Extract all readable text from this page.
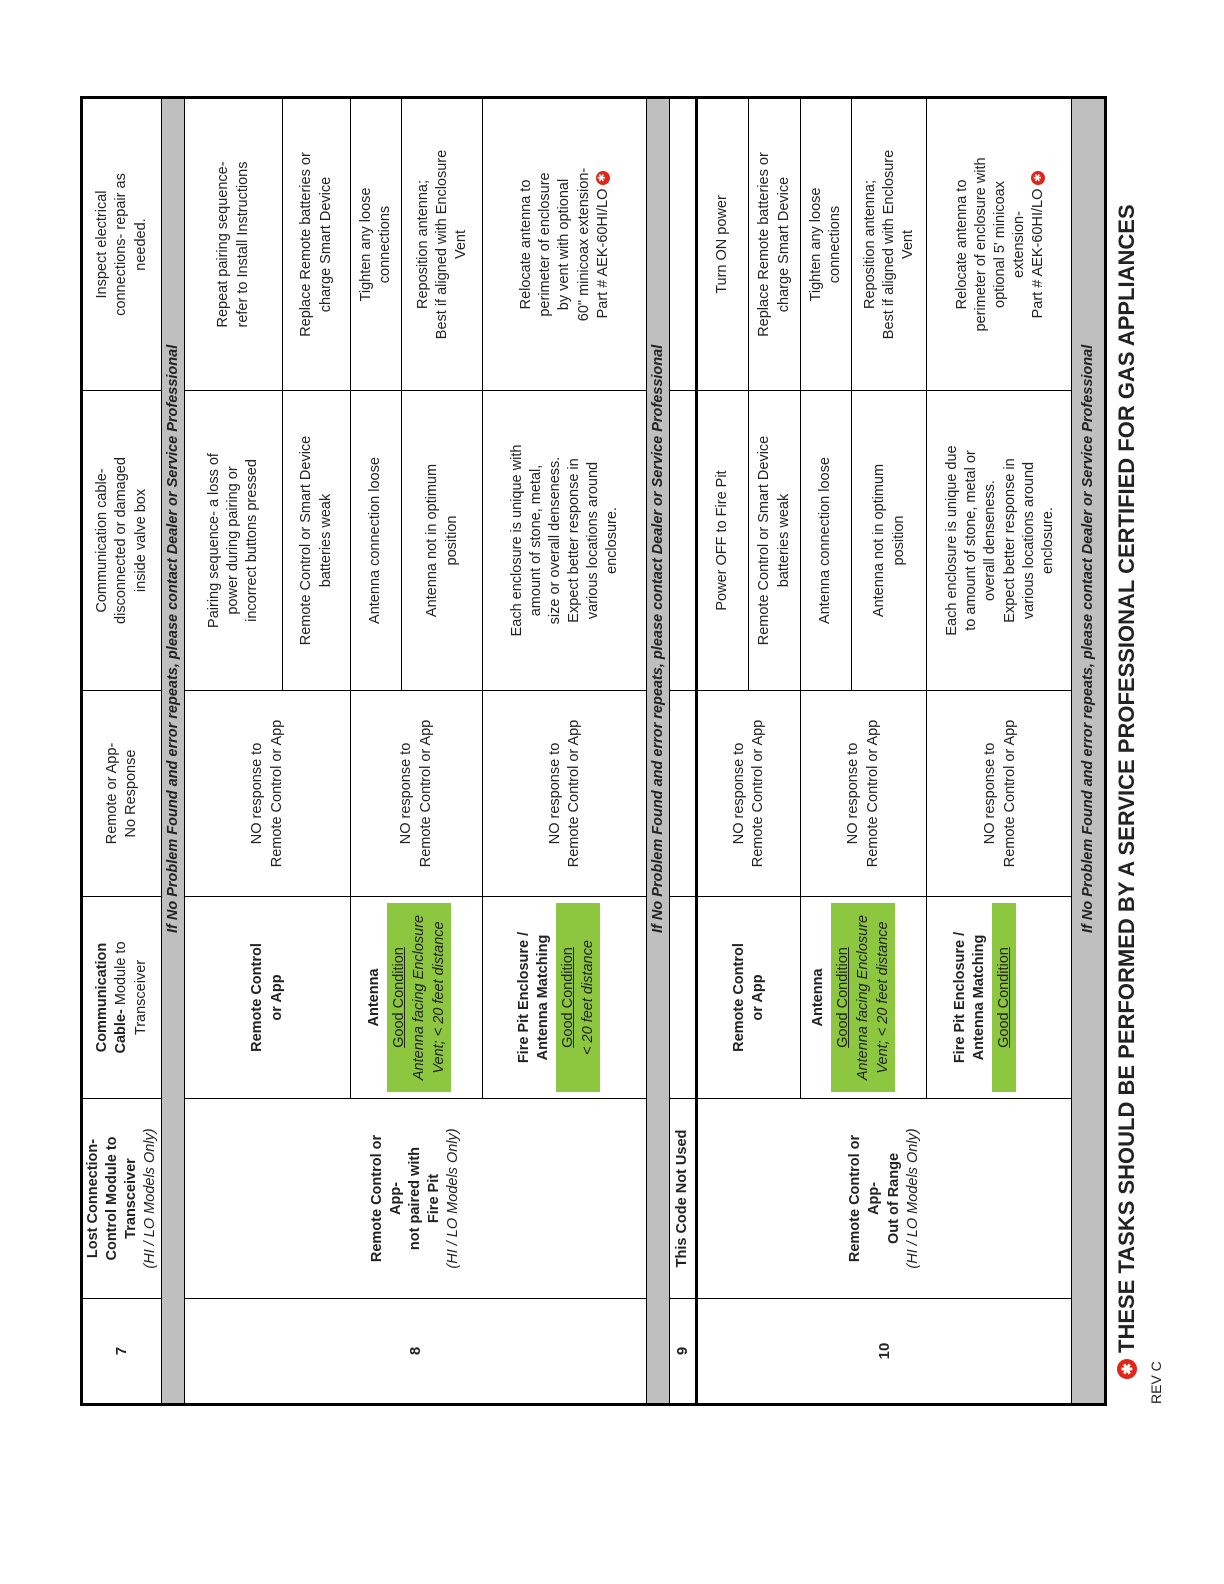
7
Lost Connection- Control Module to Transceiver (HI / LO Models Only)
Communication Cable- Module to Transceiver
Remote or App- No Response
Communication cable- disconnected or damaged inside valve box
Inspect electrical connections- repair as needed.
If No Problem Found and error repeats, please contact Dealer or Service Professional
8
Remote Control or App- not paired with Fire Pit (HI / LO Models Only)
Remote Control or App
NO response to Remote Control or App
Pairing sequence- a loss of power during pairing or incorrect buttons pressed
Repeat pairing sequence- refer to Install Instructions
Remote Control or Smart Device batteries weak
Replace Remote batteries or charge Smart Device
Antenna Good Condition Antenna facing Enclosure Vent; < 20 feet distance
NO response to Remote Control or App
Antenna connection loose
Tighten any loose connections
Antenna not in optimum position
Reposition antenna; Best if aligned with Enclosure Vent
Fire Pit Enclosure / Antenna Matching Good Condition < 20 feet distance
NO response to Remote Control or App
Each enclosure is unique with amount of stone, metal, size or overall denseness. Expect better response in various locations around enclosure.
Relocate antenna to perimeter of enclosure by vent with optional 60" minicoax extension- Part # AEK-60HI/LO✱
If No Problem Found and error repeats, please contact Dealer or Service Professional
9
This Code Not Used
10
Remote Control or App- Out of Range (HI / LO Models Only)
Remote Control or App
NO response to Remote Control or App
Power OFF to Fire Pit
Turn ON power
Remote Control or Smart Device batteries weak
Replace Remote batteries or charge Smart Device
Antenna Good Condition Antenna facing Enclosure Vent; < 20 feet distance
NO response to Remote Control or App
Antenna connection loose
Tighten any loose connections
Antenna not in optimum position
Reposition antenna; Best if aligned with Enclosure Vent
Fire Pit Enclosure / Antenna Matching Good Condition
NO response to Remote Control or App
Each enclosure is unique due to amount of stone, metal or overall denseness. Expect better response in various locations around enclosure.
Relocate antenna to perimeter of enclosure with optional 5' minicoax extension- Part # AEK-60HI/LO✱
If No Problem Found and error repeats, please contact Dealer or Service Professional
✱
THESE TASKS SHOULD BE PERFORMED BY A SERVICE PROFESSIONAL CERTIFIED FOR GAS APPLIANCES
REV C
